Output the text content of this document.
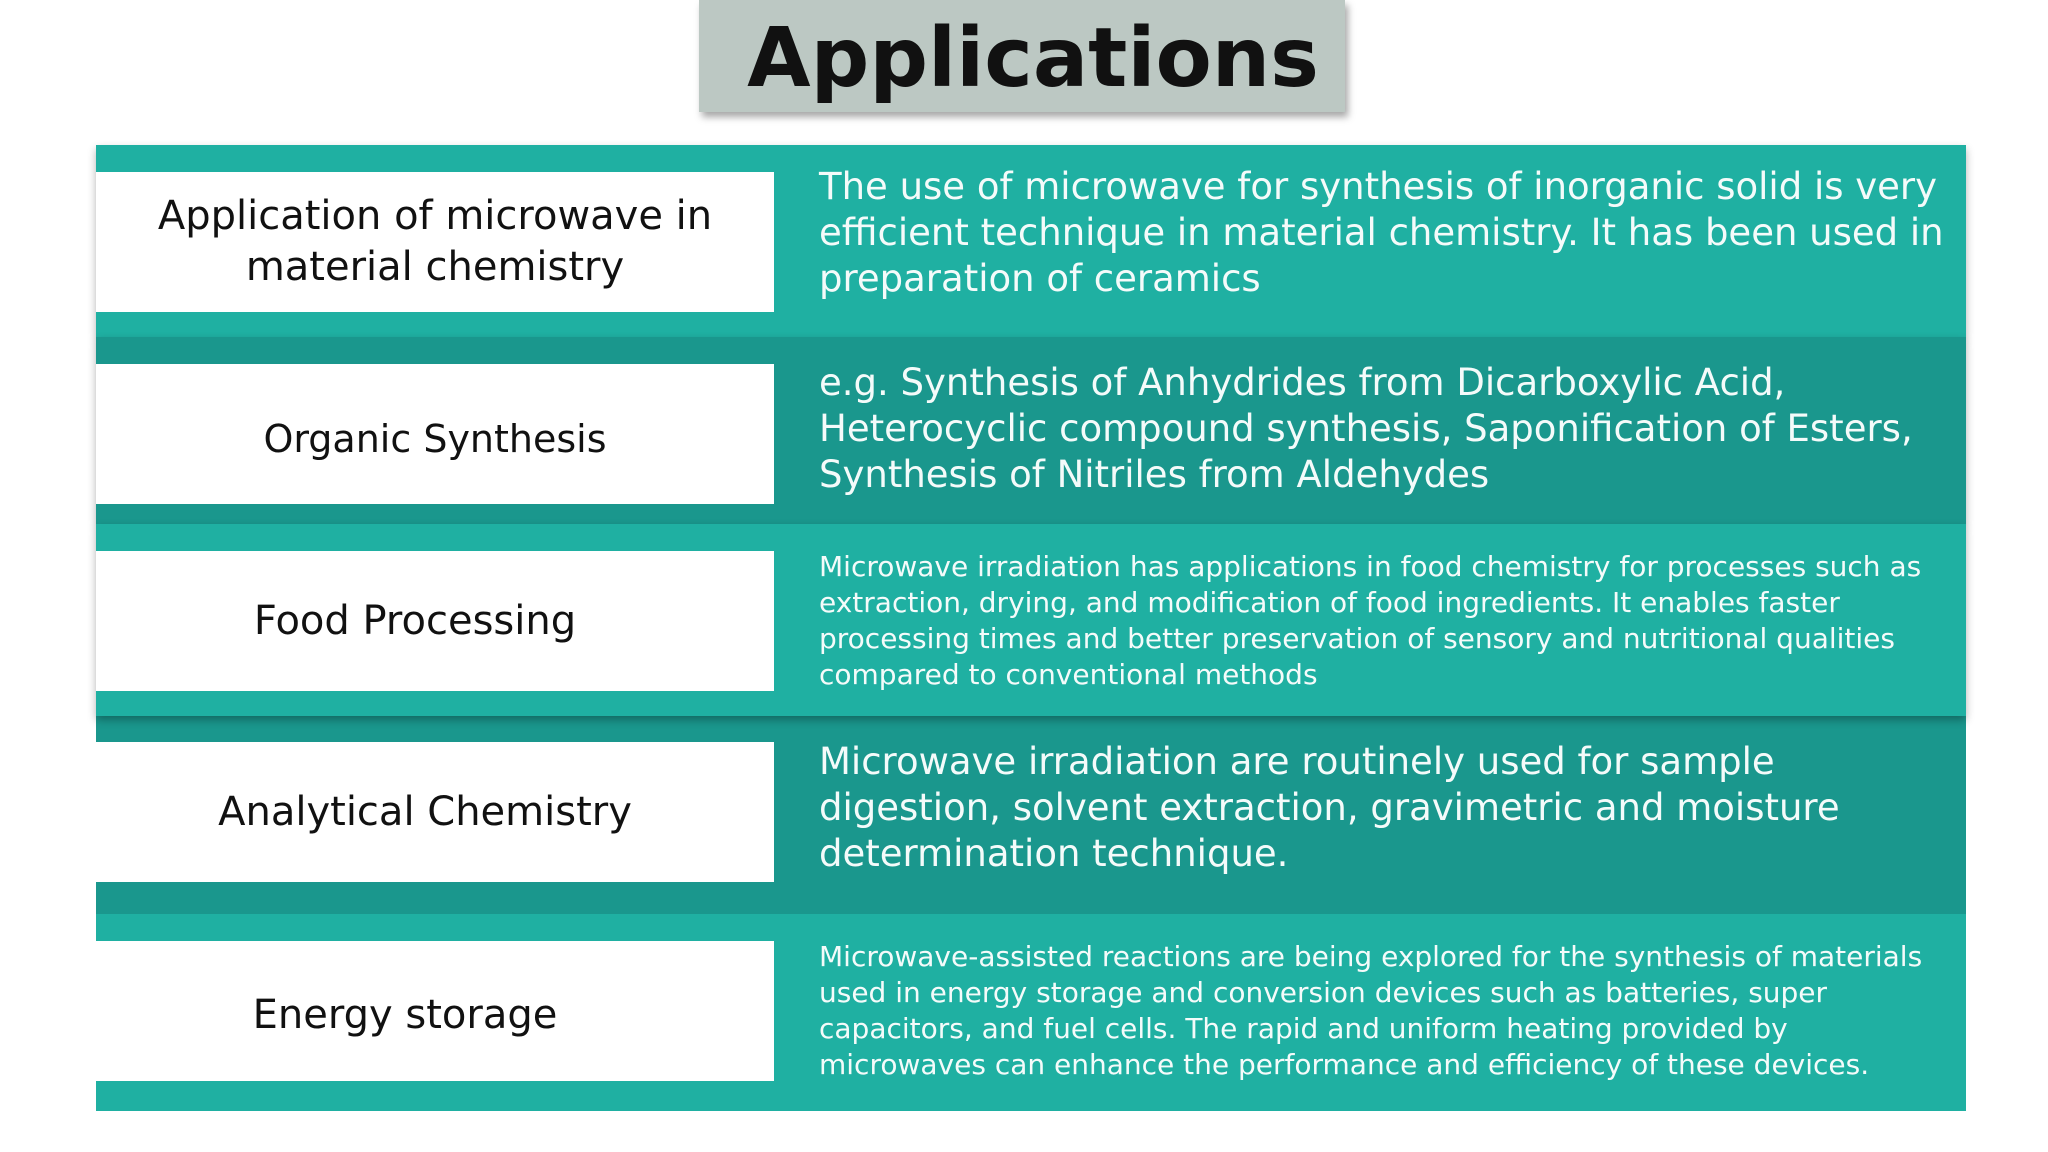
Applications
Application of microwave in
material chemistry
The use of microwave for synthesis of inorganic solid is very efficient technique in material chemistry. It has been used in preparation of ceramics
Organic Synthesis
e.g. Synthesis of Anhydrides from Dicarboxylic Acid, Heterocyclic compound synthesis, Saponification of Esters, Synthesis of Nitriles from Aldehydes
Food Processing
Microwave irradiation has applications in food chemistry for processes such as extraction, drying, and modification of food ingredients. It enables faster processing times and better preservation of sensory and nutritional qualities compared to conventional methods
Analytical Chemistry
Microwave irradiation are routinely used for sample digestion, solvent extraction, gravimetric and moisture determination technique.
Energy storage
Microwave-assisted reactions are being explored for the synthesis of materials used in energy storage and conversion devices such as batteries, super capacitors, and fuel cells. The rapid and uniform heating provided by microwaves can enhance the performance and efficiency of these devices.
